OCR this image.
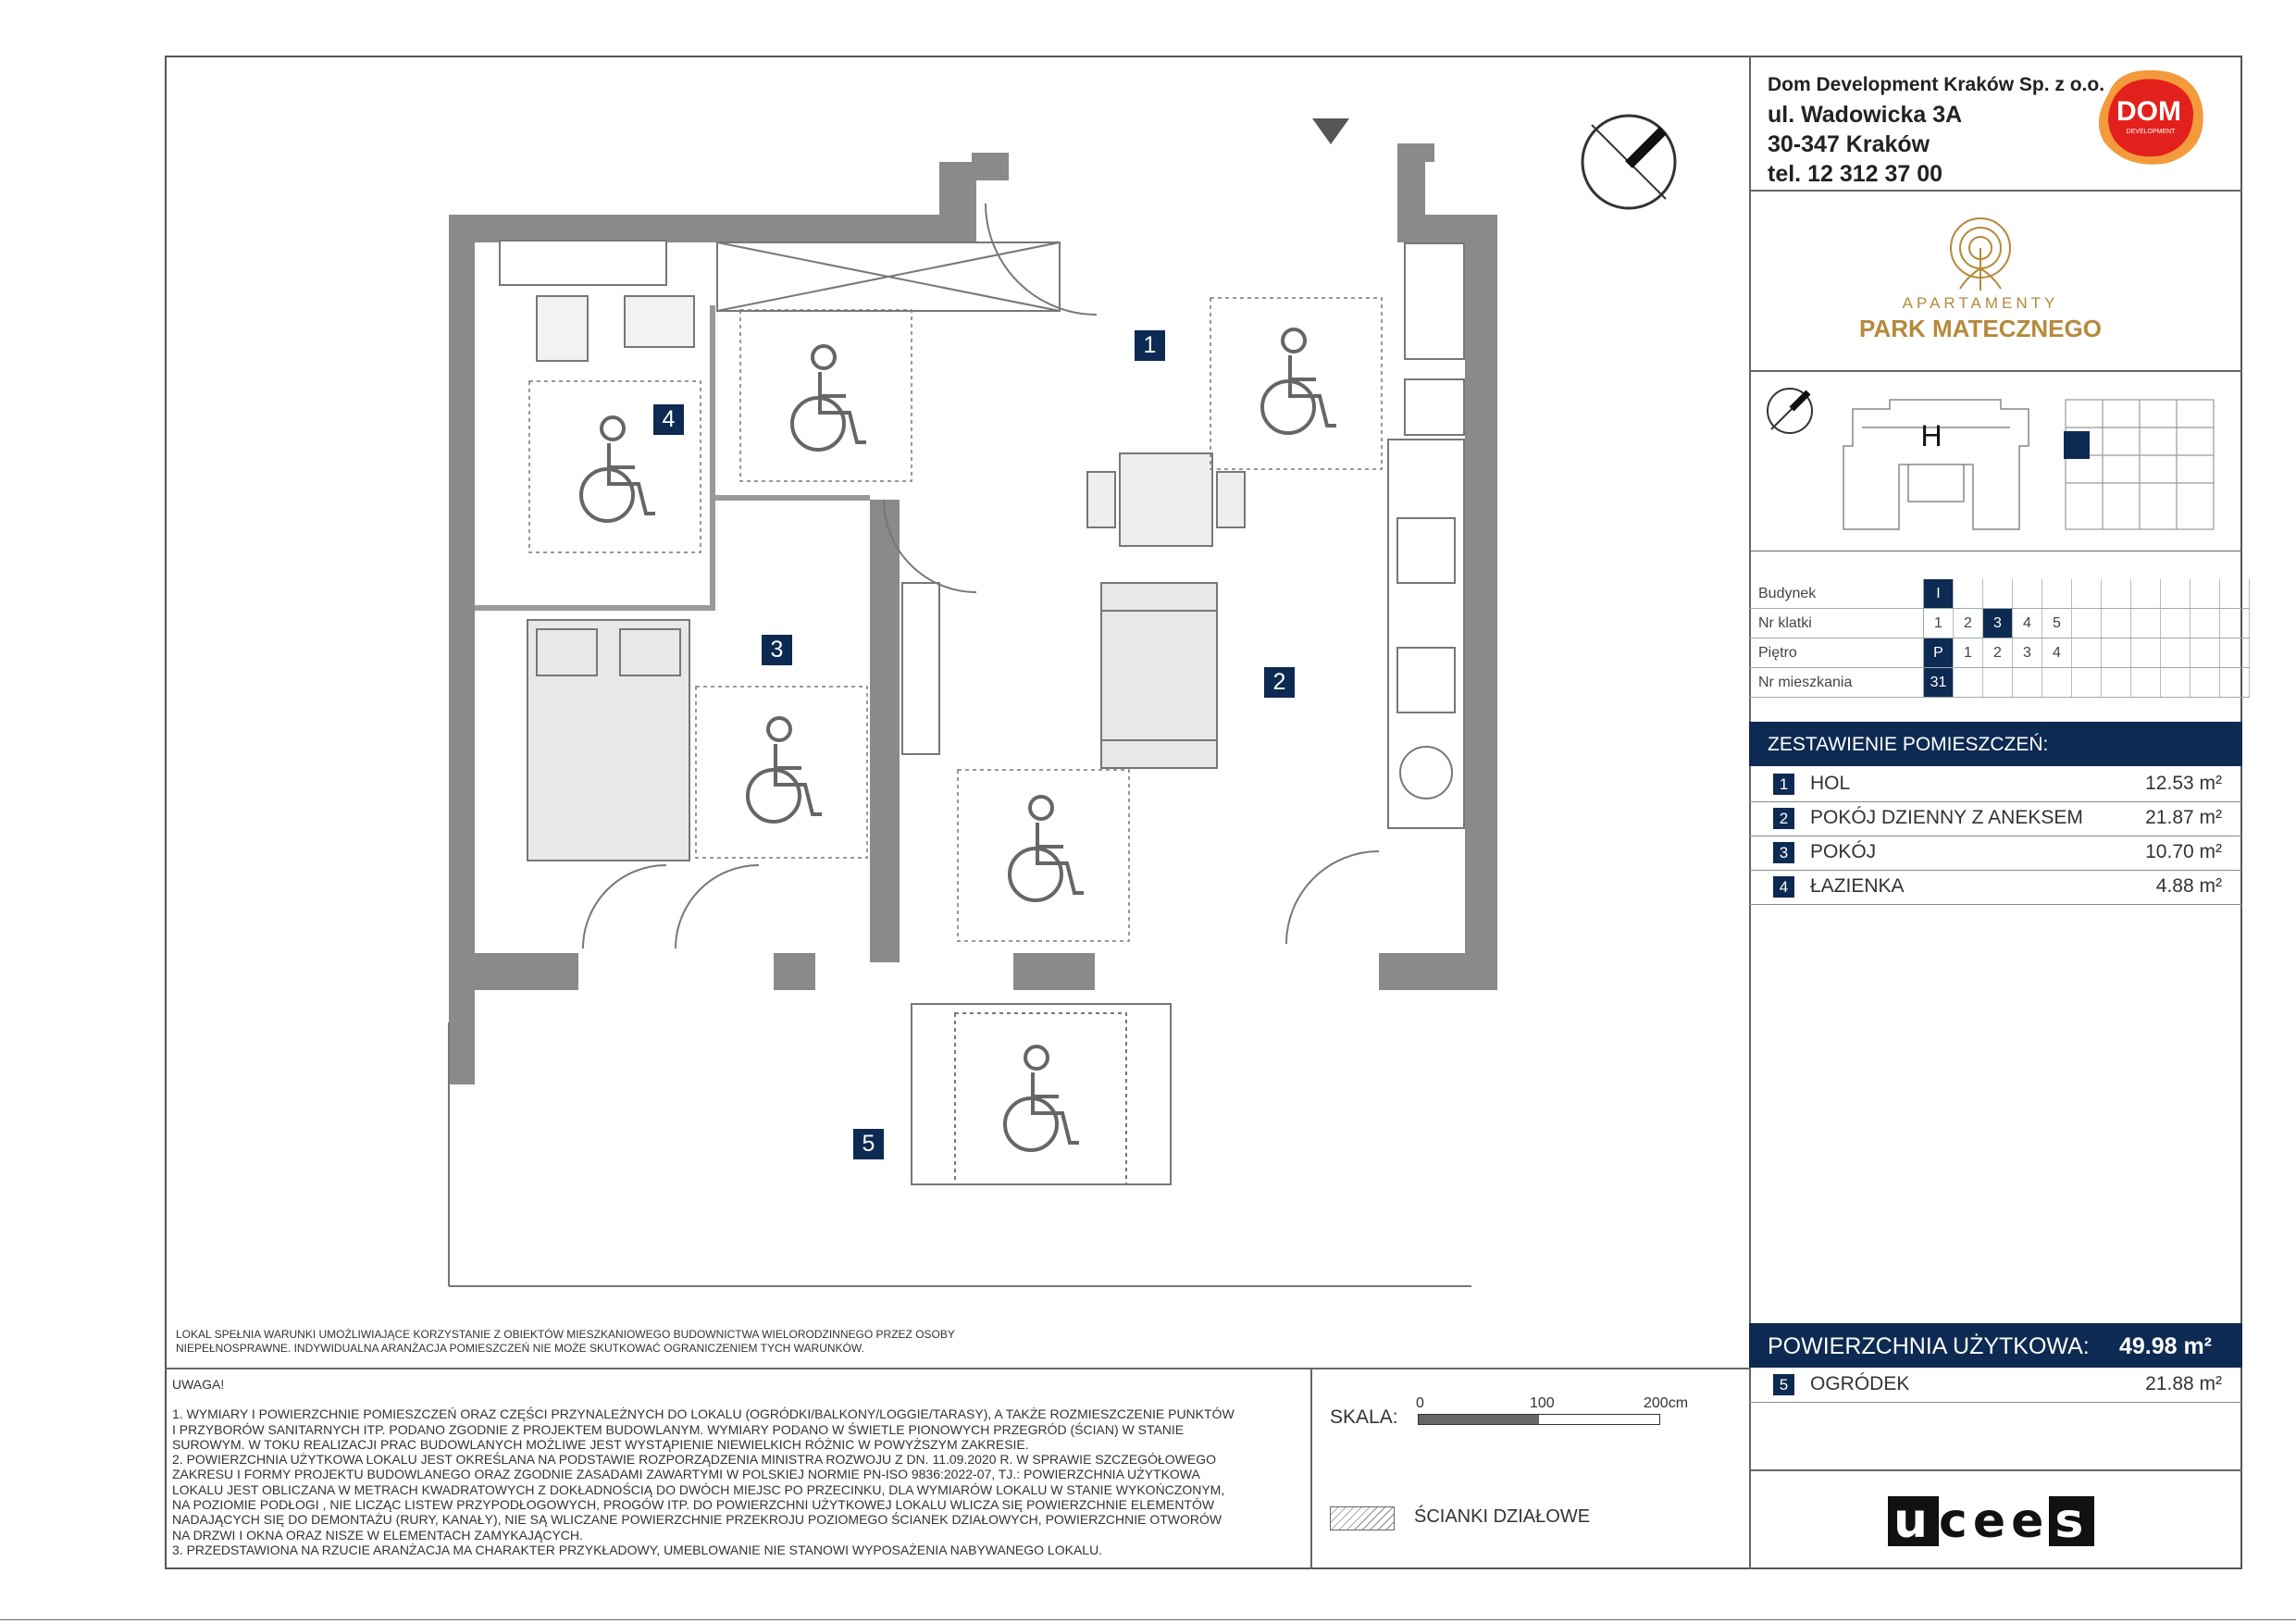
Dom Development Kraków Sp. z o.o.
ul. Wadowicka 3A
30-347 Kraków
tel. 12 312 37 00
DOM
DEVELOPMENT
APARTAMENTY
PARK MATECZNEGO
H
Budynek	I										
Nr klatki	1	2	3	4	5						
Piętro	P	1	2	3	4						
Nr mieszkania	31										
ZESTAWIENIE POMIESZCZEŃ:
1	HOL	12.53 m²
2	POKÓJ DZIENNY Z ANEKSEM	21.87 m²
3	POKÓJ	10.70 m²
4	ŁAZIENKA	4.88 m²
POWIERZCHNIA UŻYTKOWA: 49.98 m²
5	OGRÓDEK	21.88 m²
1
2
3
4
5
LOKAL SPEŁNIA WARUNKI UMOŻLIWIAJĄCE KORZYSTANIE Z OBIEKTÓW MIESZKANIOWEGO BUDOWNICTWA WIELORODZINNEGO PRZEZ OSOBY
NIEPEŁNOSPRAWNE. INDYWIDUALNA ARANŻACJA POMIESZCZEŃ NIE MOŻE SKUTKOWAĆ OGRANICZENIEM TYCH WARUNKÓW.
UWAGA!
1. WYMIARY I POWIERZCHNIE POMIESZCZEŃ ORAZ CZĘŚCI PRZYNALEŻNYCH DO LOKALU (OGRÓDKI/BALKONY/LOGGIE/TARASY), A TAKŻE ROZMIESZCZENIE PUNKTÓW
I PRZYBORÓW SANITARNYCH ITP. PODANO ZGODNIE Z PROJEKTEM BUDOWLANYM. WYMIARY PODANO W ŚWIETLE PIONOWYCH PRZEGRÓD (ŚCIAN) W STANIE
SUROWYM. W TOKU REALIZACJI PRAC BUDOWLANYCH MOŻLIWE JEST WYSTĄPIENIE NIEWIELKICH RÓŻNIC W POWYŻSZYM ZAKRESIE.
2. POWIERZCHNIA UŻYTKOWA LOKALU JEST OKREŚLANA NA PODSTAWIE ROZPORZĄDZENIA MINISTRA ROZWOJU Z DN. 11.09.2020 R. W SPRAWIE SZCZEGÓŁOWEGO
ZAKRESU I FORMY PROJEKTU BUDOWLANEGO ORAZ ZGODNIE ZASADAMI ZAWARTYMI W POLSKIEJ NORMIE PN-ISO 9836:2022-07, TJ.: POWIERZCHNIA UŻYTKOWA
LOKALU JEST OBLICZANA W METRACH KWADRATOWYCH Z DOKŁADNOŚCIĄ DO DWÓCH MIEJSC PO PRZECINKU, DLA WYMIARÓW LOKALU W STANIE WYKOŃCZONYM,
NA POZIOMIE PODŁOGI , NIE LICZĄC LISTEW PRZYPODŁOGOWYCH, PROGÓW ITP. DO POWIERZCHNI UŻYTKOWEJ LOKALU WLICZA SIĘ POWIERZCHNIE ELEMENTÓW
NADAJĄCYCH SIĘ DO DEMONTAŻU (RURY, KANAŁY), NIE SĄ WLICZANE POWIERZCHNIE PRZEKROJU POZIOMEGO ŚCIANEK DZIAŁOWYCH, POWIERZCHNIE OTWORÓW
NA DRZWI I OKNA ORAZ NISZE W ELEMENTACH ZAMYKAJĄCYCH.
3. PRZEDSTAWIONA NA RZUCIE ARANŻACJA MA CHARAKTER PRZYKŁADOWY, UMEBLOWANIE NIE STANOWI WYPOSAŻENIA NABYWANEGO LOKALU.
SKALA:
0	100	200cm
ŚCIANKI DZIAŁOWE	u cee s
